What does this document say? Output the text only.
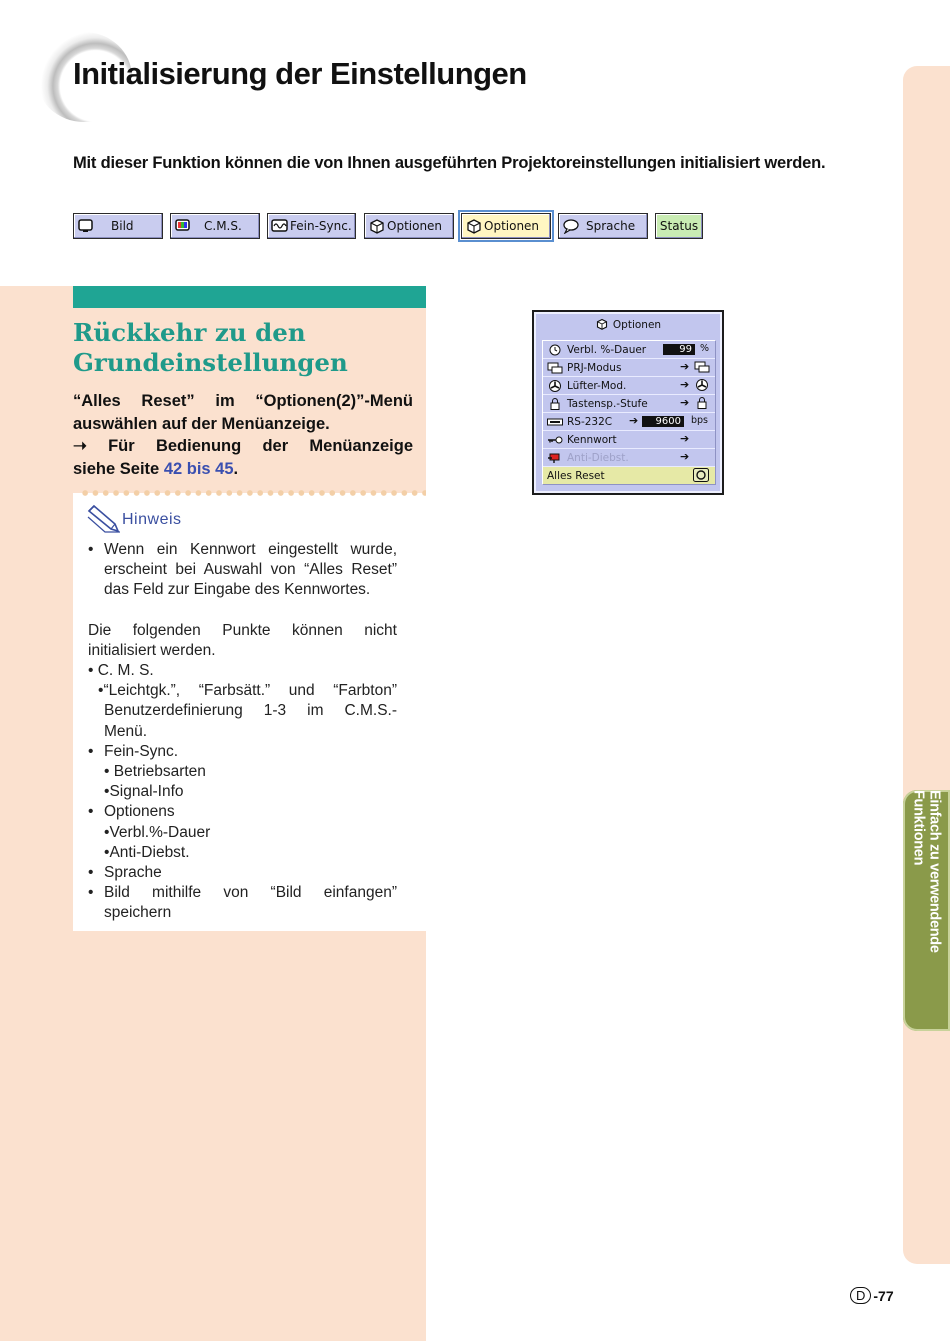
Initialisierung der Einstellungen
Mit dieser Funktion können die von Ihnen ausgeführten Projektoreinstellungen initialisiert werden.
Bild	C.M.S.	Fein-Sync.	Optionen	Optionen	Sprache Status
Rückkehr zu den
Grundeinstellungen
“Alles Reset” im “Optionen(2)”-Menü
auswählen auf der Menüanzeige.
➝ Für Bedienung der Menüanzeige
siehe Seite 42 bis 45.
Hinweis
• Wenn ein Kennwort eingestellt wurde,
erscheint bei Auswahl von “Alles Reset”
das Feld zur Eingabe des Kennwortes.
Die folgenden Punkte können nicht
initialisiert werden.
• C. M. S.
•“Leichtgk.”, “Farbsätt.” und “Farbton”
Benutzerdefinierung 1-3 im C.M.S.-
Menü.
• Fein-Sync.
• Betriebsarten
•Signal-Info
• Optionens
•Verbl.%-Dauer
•Anti-Diebst.
• Sprache
• Bild mithilfe von “Bild einfangen”
speichern
Optionen
Verbl. %-Dauer	99 %
PRJ-Modus	➔
Lüfter-Mod.	➔
Tastensp.-Stufe	➔
RS-232C ➔	9600	bps
Kennwort	➔
Anti-Diebst.	➔
Alles Reset
Einfach zu verwendende Funktionen
D -77
